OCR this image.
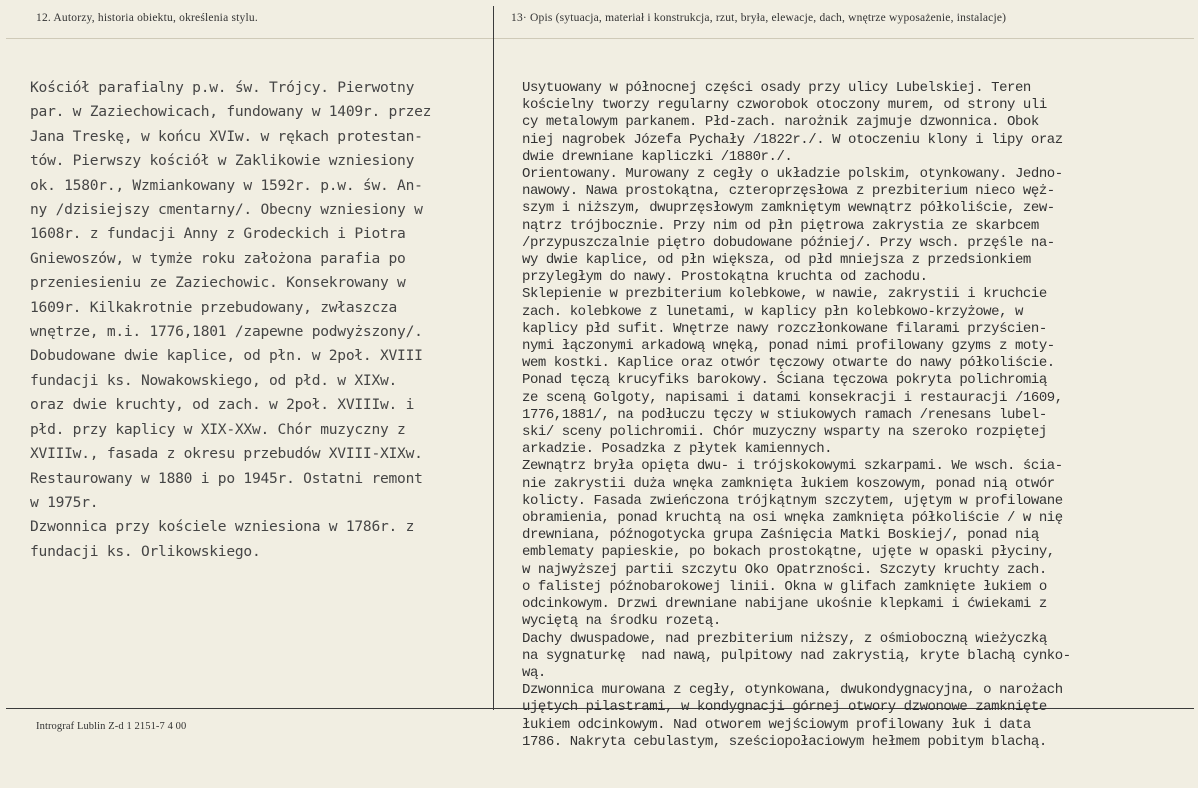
12. Autorzy, historia obiektu, określenia stylu.	13· Opis (sytuacja, materiał i konstrukcja, rzut, bryła, elewacje, dach, wnętrze wyposażenie, instalacje)
Kościół parafialny p.w. św. Trójcy. Pierwotny
par. w Zaziechowicach, fundowany w 1409r. przez
Jana Treskę, w końcu XVIw. w rękach protestan-
tów. Pierwszy kościół w Zaklikowie wzniesiony
ok. 1580r., Wzmiankowany w 1592r. p.w. św. An-
ny /dzisiejszy cmentarny/. Obecny wzniesiony w
1608r. z fundacji Anny z Grodeckich i Piotra
Gniewoszów, w tymże roku założona parafia po
przeniesieniu ze Zaziechowic. Konsekrowany w
1609r. Kilkakrotnie przebudowany, zwłaszcza
wnętrze, m.i. 1776,1801 /zapewne podwyższony/.
Dobudowane dwie kaplice, od płn. w 2poł. XVIII
fundacji ks. Nowakowskiego, od płd. w XIXw.
oraz dwie kruchty, od zach. w 2poł. XVIIIw. i
płd. przy kaplicy w XIX-XXw. Chór muzyczny z
XVIIIw., fasada z okresu przebudów XVIII-XIXw.
Restaurowany w 1880 i po 1945r. Ostatni remont
w 1975r.
Dzwonnica przy kościele wzniesiona w 1786r. z
fundacji ks. Orlikowskiego.
Usytuowany w północnej części osady przy ulicy Lubelskiej. Teren
kościelny tworzy regularny czworobok otoczony murem, od strony uli
cy metalowym parkanem. Płd-zach. narożnik zajmuje dzwonnica. Obok
niej nagrobek Józefa Pychały /1822r./. W otoczeniu klony i lipy oraz
dwie drewniane kapliczki /1880r./.
Orientowany. Murowany z cegły o układzie polskim, otynkowany. Jedno-
nawowy. Nawa prostokątna, czteroprzęsłowa z prezbiterium nieco węż-
szym i niższym, dwuprzęsłowym zamkniętym wewnątrz półkoliście, zew-
nątrz trójbocznie. Przy nim od płn piętrowa zakrystia ze skarbcem
/przypuszczalnie piętro dobudowane później/. Przy wsch. przęśle na-
wy dwie kaplice, od płn większa, od płd mniejsza z przedsionkiem
przyległym do nawy. Prostokątna kruchta od zachodu.
Sklepienie w prezbiterium kolebkowe, w nawie, zakrystii i kruchcie
zach. kolebkowe z lunetami, w kaplicy płn kolebkowo-krzyżowe, w
kaplicy płd sufit. Wnętrze nawy rozczłonkowane filarami przyścien-
nymi łączonymi arkadową wnęką, ponad nimi profilowany gzyms z moty-
wem kostki. Kaplice oraz otwór tęczowy otwarte do nawy półkoliście.
Ponad tęczą krucyfiks barokowy. Ściana tęczowa pokryta polichromią
ze sceną Golgoty, napisami i datami konsekracji i restauracji /1609,
1776,1881/, na podłuczu tęczy w stiukowych ramach /renesans lubel-
ski/ sceny polichromii. Chór muzyczny wsparty na szeroko rozpiętej
arkadzie. Posadzka z płytek kamiennych.
Zewnątrz bryła opięta dwu- i trójskokowymi szkarpami. We wsch. ścia-
nie zakrystii duża wnęka zamknięta łukiem koszowym, ponad nią otwór
koliсty. Fasada zwieńczona trójkątnym szczytem, ujętym w profilowane
obramienia, ponad kruchtą na osi wnęka zamknięta półkoliście / w nię
drewniana, późnogotycka grupa Zaśnięcia Matki Boskiej/, ponad nią
emblematy papieskie, po bokach prostokątne, ujęte w opaski płyciny,
w najwyższej partii szczytu Oko Opatrzności. Szczyty kruchty zach.
o falistej późnobarokowej linii. Okna w glifach zamknięte łukiem o
odcinkowym. Drzwi drewniane nabijane ukośnie klepkami i ćwiekami z
wyciętą na środku rozetą.
Dachy dwuspadowe, nad prezbiterium niższy, z ośmioboczną wieżyczką
na sygnaturkę  nad nawą, pulpitowy nad zakrystią, kryte blachą cynko-
wą.
Dzwonnica murowana z cegły, otynkowana, dwukondygnacyjna, o narożach
ujętych pilastrami, w kondygnacji górnej otwory dzwonowe zamknięte
łukiem odcinkowym. Nad otworem wejściowym profilowany łuk i data
1786. Nakryta cebulastym, sześciopołaciowym hełmem pobitym blachą.
Intrograf Lublin Z-d 1 2151-7 4 00
